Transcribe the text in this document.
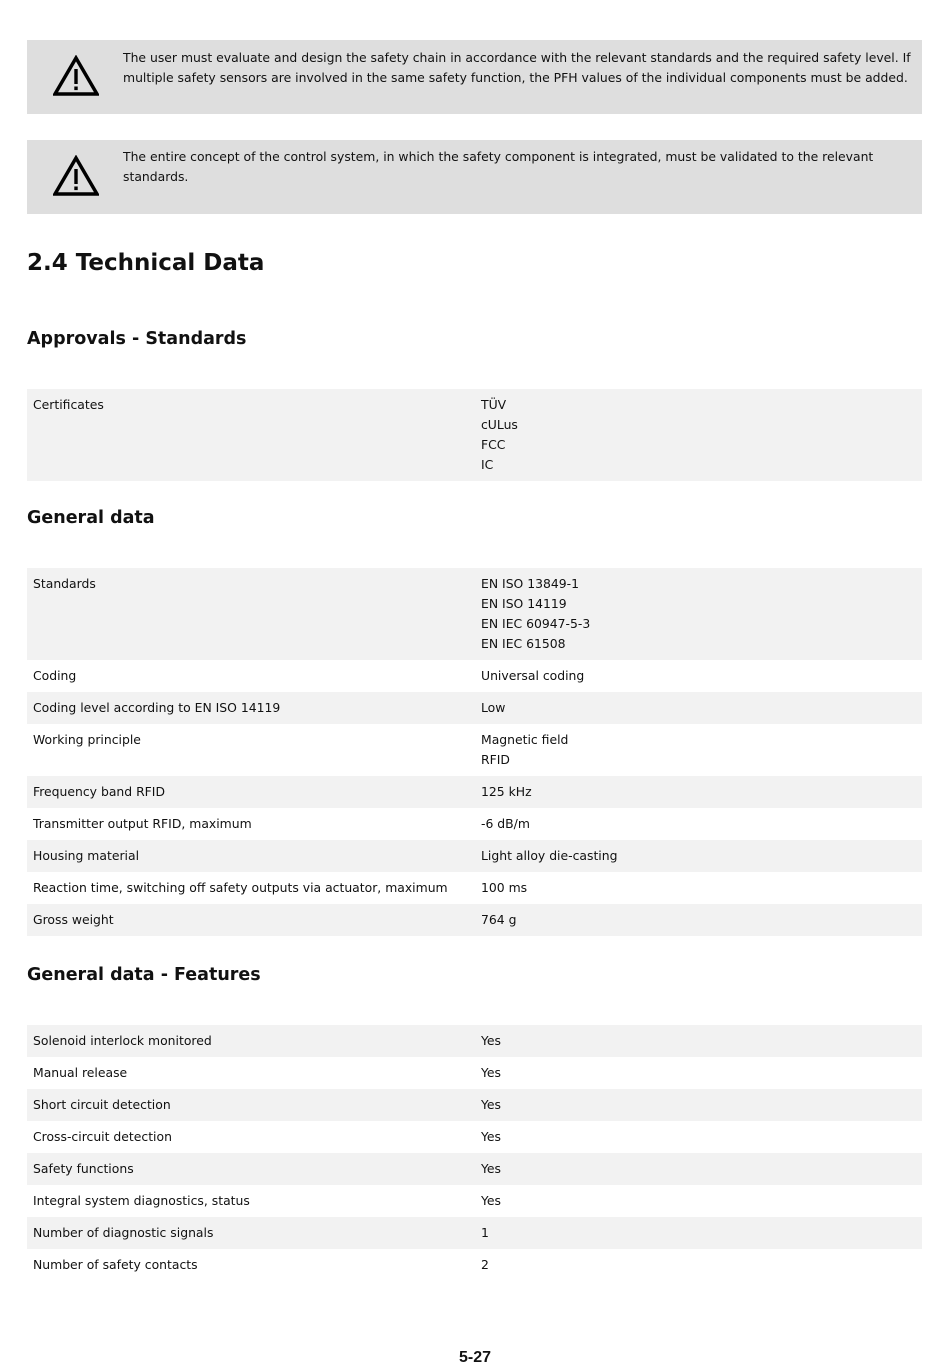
The user must evaluate and design the safety chain in accordance with the relevant standards and the required safety level. If multiple safety sensors are involved in the same safety function, the PFH values of the individual components must be added.
The entire concept of the control system, in which the safety component is integrated, must be validated to the relevant standards.
2.4 Technical Data
Approvals - Standards
Certificates	TÜV
cULus
FCC
IC
General data
Standards	EN ISO 13849-1
EN ISO 14119
EN IEC 60947-5-3
EN IEC 61508

Coding	Universal coding

Coding level according to EN ISO 14119	Low

Working principle	Magnetic field
RFID

Frequency band RFID	125 kHz

Transmitter output RFID, maximum	-6 dB/m

Housing material	Light alloy die-casting

Reaction time, switching off safety outputs via actuator, maximum	100 ms

Gross weight	764 g
General data - Features
Solenoid interlock monitored	Yes

Manual release	Yes

Short circuit detection	Yes

Cross-circuit detection	Yes

Safety functions	Yes

Integral system diagnostics, status	Yes

Number of diagnostic signals	1

Number of safety contacts	2
5-27
